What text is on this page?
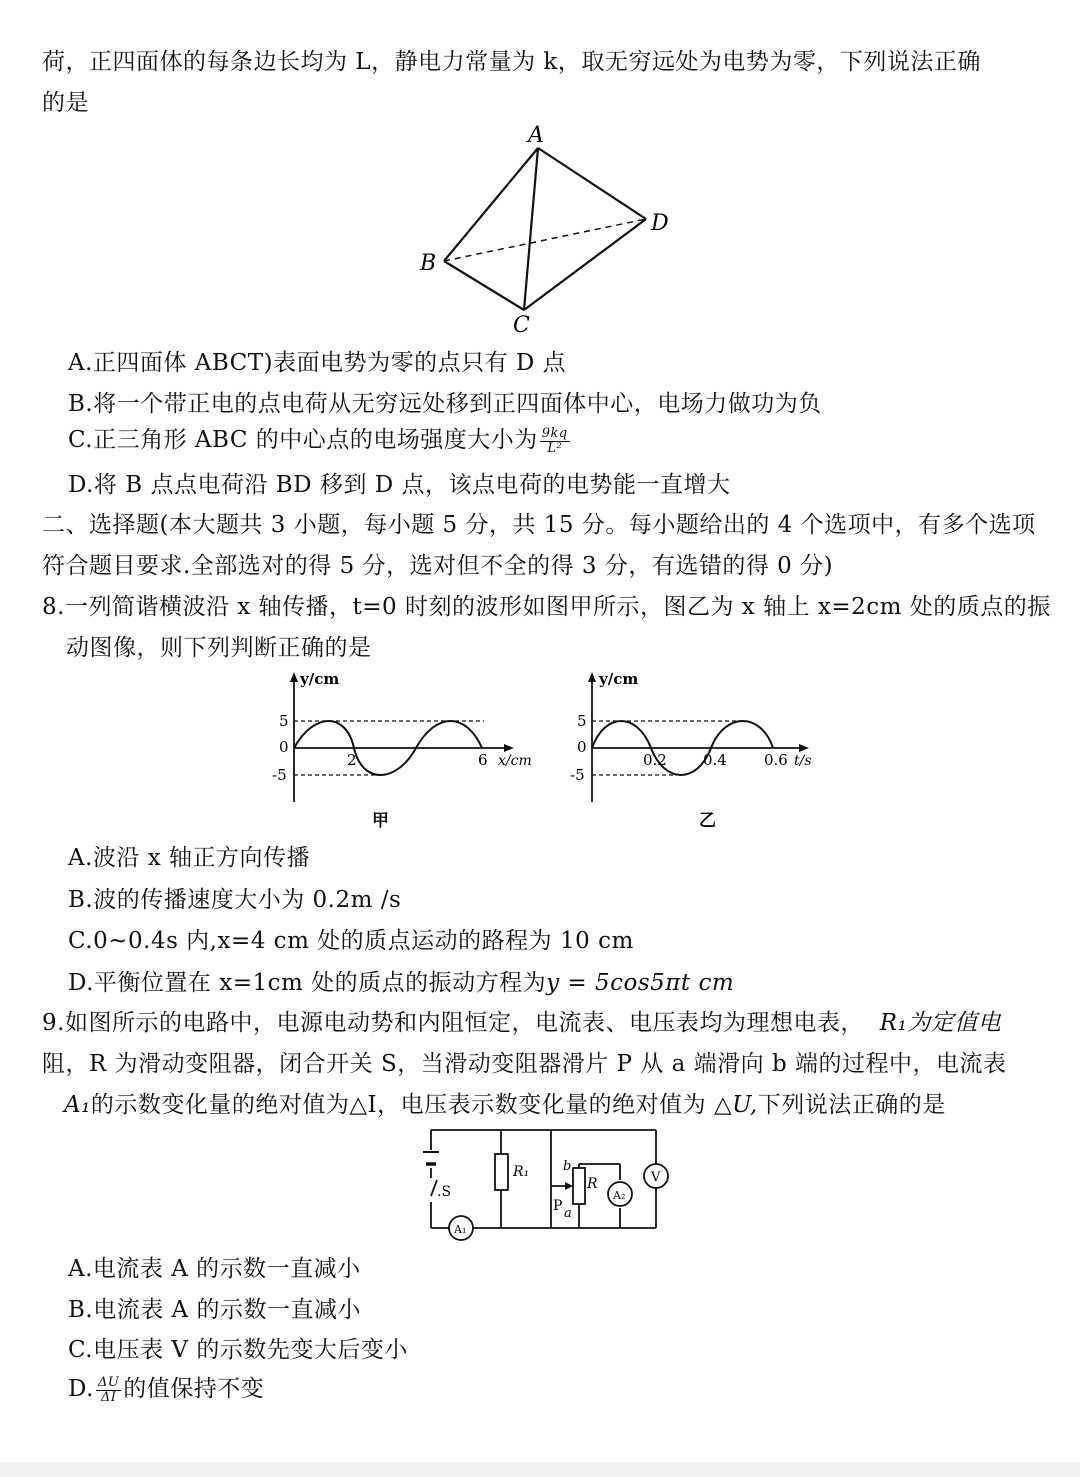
荷，正四面体的每条边长均为 L，静电力常量为 k，取无穷远处为电势为零，下列说法正确
的是
A
B
C
D
A.正四面体 ABCT)表面电势为零的点只有 D 点
B.将一个带正电的点电荷从无穷远处移到正四面体中心，电场力做功为负
C.正三角形 ABC 的中心点的电场强度大小为 $\frac{9kq}{\text{L²}}$
D.将 B 点点电荷沿 BD 移到 D 点，该点电荷的电势能一直增大
二、选择题(本大题共 3 小题，每小题 5 分，共 15 分。每小题给出的 4 个选项中，有多个选项
符合题目要求.全部选对的得 5 分，选对但不全的得 3 分，有选错的得 0 分)
8.一列简谐横波沿 x 轴传播，t=0 时刻的波形如图甲所示，图乙为 x 轴上 x=2cm 处的质点的振
动图像，则下列判断正确的是
y/cm
5
0
-5
2	6 x/cm
甲
y/cm
5
0
-5
0.2 0.4 0.6 t/s
乙
A.波沿 x 轴正方向传播
B.波的传播速度大小为 0.2m /s
C.0~0.4s 内,x=4 cm 处的质点运动的路程为 10 cm
D.平衡位置在 x=1cm 处的质点的振动方程为y = 5cos5πt cm
9.如图所示的电路中，电源电动势和内阻恒定，电流表、电压表均为理想电表， R₁为定值电
阻，R 为滑动变阻器，闭合开关 S，当滑动变阻器滑片 P 从 a 端滑向 b 端的过程中，电流表
A₁的示数变化量的绝对值为△I，电压表示数变化量的绝对值为 △U,下列说法正确的是
R₁
R
.S
P a
b
A₁
A₂
V
A.电流表 A 的示数一直减小
B.电流表 A 的示数一直减小
C.电压表 V 的示数先变大后变小
D. $\frac{\Delta U}{\Delta I}$ 的值保持不变
